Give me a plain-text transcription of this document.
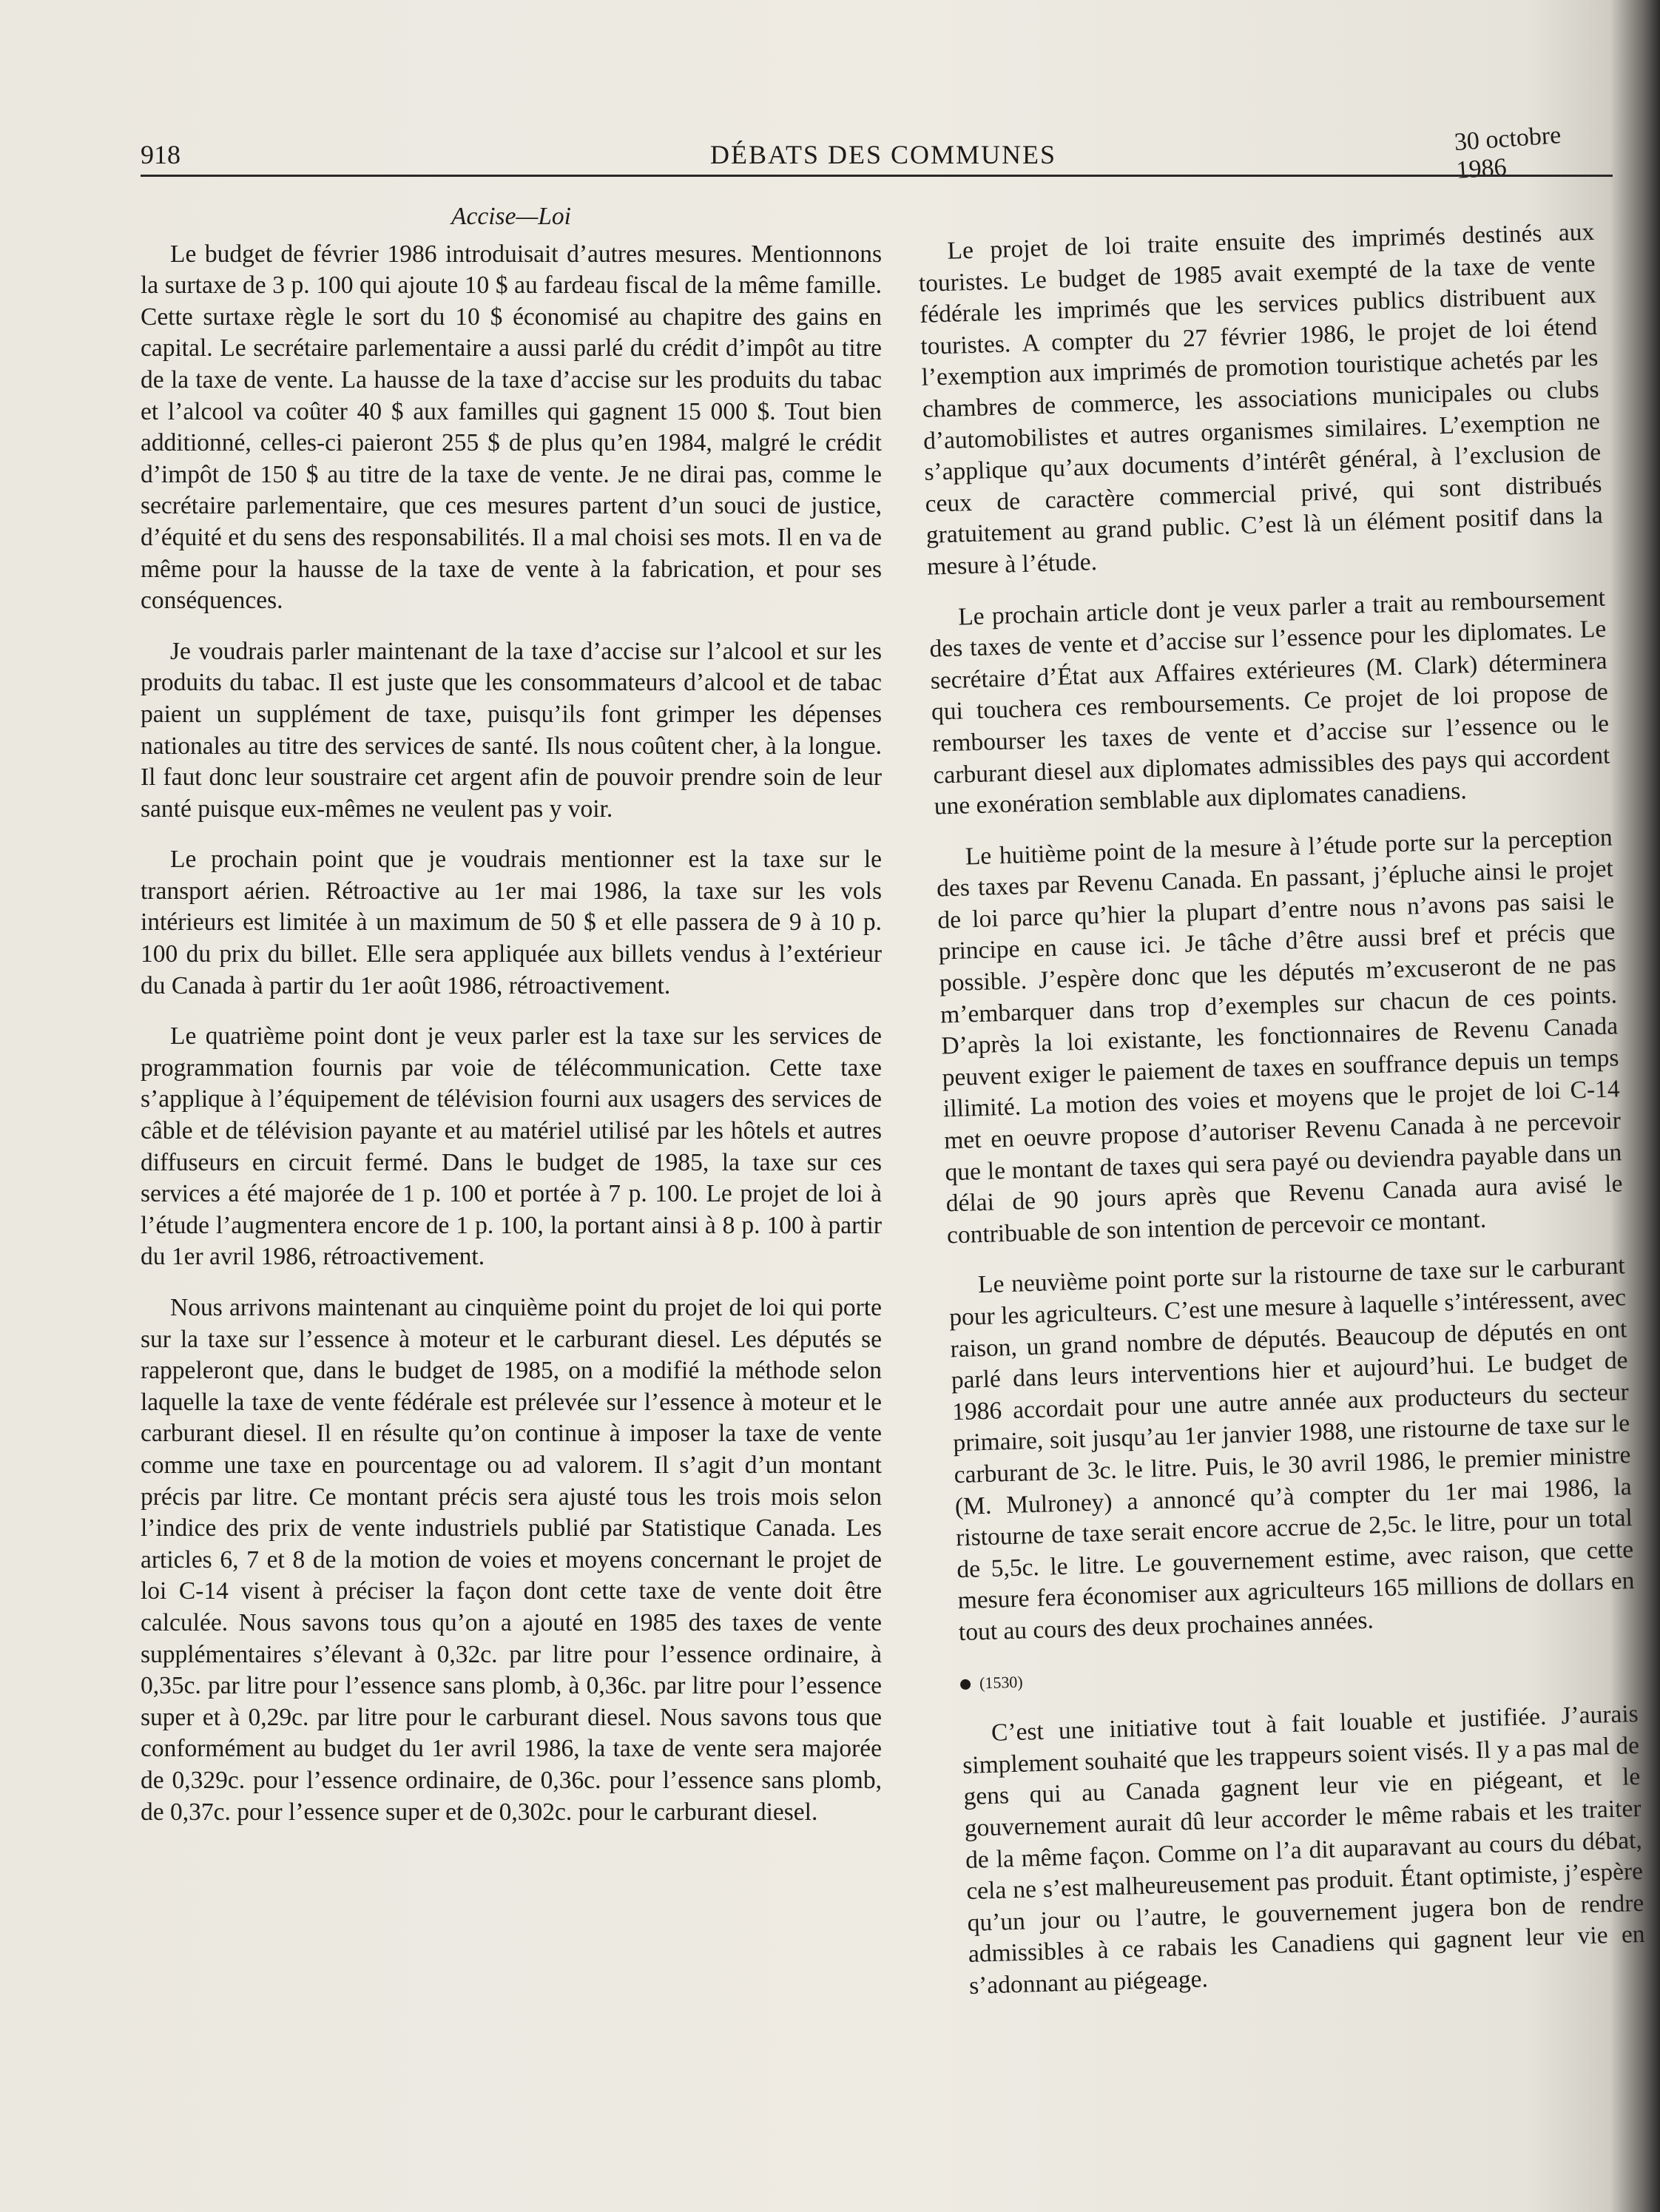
918	DÉBATS DES COMMUNES	30 octobre 1986
Accise—Loi

Le budget de février 1986 introduisait d’autres mesures. Mentionnons la surtaxe de 3 p. 100 qui ajoute 10 $ au fardeau fiscal de la même famille. Cette surtaxe règle le sort du 10 $ économisé au chapitre des gains en capital. Le secrétaire parlementaire a aussi parlé du crédit d’impôt au titre de la taxe de vente. La hausse de la taxe d’accise sur les produits du tabac et l’alcool va coûter 40 $ aux familles qui gagnent 15 000 $. Tout bien additionné, celles-ci paieront 255 $ de plus qu’en 1984, malgré le crédit d’impôt de 150 $ au titre de la taxe de vente. Je ne dirai pas, comme le secrétaire parlementaire, que ces mesures partent d’un souci de justice, d’équité et du sens des responsabilités. Il a mal choisi ses mots. Il en va de même pour la hausse de la taxe de vente à la fabrication, et pour ses conséquences.

Je voudrais parler maintenant de la taxe d’accise sur l’alcool et sur les produits du tabac. Il est juste que les consommateurs d’alcool et de tabac paient un supplément de taxe, puisqu’ils font grimper les dépenses nationales au titre des services de santé. Ils nous coûtent cher, à la longue. Il faut donc leur soustraire cet argent afin de pouvoir prendre soin de leur santé puisque eux-mêmes ne veulent pas y voir.

Le prochain point que je voudrais mentionner est la taxe sur le transport aérien. Rétroactive au 1er mai 1986, la taxe sur les vols intérieurs est limitée à un maximum de 50 $ et elle passera de 9 à 10 p. 100 du prix du billet. Elle sera appliquée aux billets vendus à l’extérieur du Canada à partir du 1er août 1986, rétroactivement.

Le quatrième point dont je veux parler est la taxe sur les services de programmation fournis par voie de télécommunication. Cette taxe s’applique à l’équipement de télévision fourni aux usagers des services de câble et de télévision payante et au matériel utilisé par les hôtels et autres diffuseurs en circuit fermé. Dans le budget de 1985, la taxe sur ces services a été majorée de 1 p. 100 et portée à 7 p. 100. Le projet de loi à l’étude l’augmentera encore de 1 p. 100, la portant ainsi à 8 p. 100 à partir du 1er avril 1986, rétroactivement.

Nous arrivons maintenant au cinquième point du projet de loi qui porte sur la taxe sur l’essence à moteur et le carburant diesel. Les députés se rappeleront que, dans le budget de 1985, on a modifié la méthode selon laquelle la taxe de vente fédérale est prélevée sur l’essence à moteur et le carburant diesel. Il en résulte qu’on continue à imposer la taxe de vente comme une taxe en pourcentage ou ad valorem. Il s’agit d’un montant précis par litre. Ce montant précis sera ajusté tous les trois mois selon l’indice des prix de vente industriels publié par Statistique Canada. Les articles 6, 7 et 8 de la motion de voies et moyens concernant le projet de loi C-14 visent à préciser la façon dont cette taxe de vente doit être calculée. Nous savons tous qu’on a ajouté en 1985 des taxes de vente supplémentaires s’élevant à 0,32c. par litre pour l’essence ordinaire, à 0,35c. par litre pour l’essence sans plomb, à 0,36c. par litre pour l’essence super et à 0,29c. par litre pour le carburant diesel. Nous savons tous que conformément au budget du 1er avril 1986, la taxe de vente sera majorée de 0,329c. pour l’essence ordinaire, de 0,36c. pour l’essence sans plomb, de 0,37c. pour l’essence super et de 0,302c. pour le carburant diesel.

Le projet de loi traite ensuite des imprimés destinés aux touristes. Le budget de 1985 avait exempté de la taxe de vente fédérale les imprimés que les services publics distribuent aux touristes. A compter du 27 février 1986, le projet de loi étend l’exemption aux imprimés de promotion touristique achetés par les chambres de commerce, les associations municipales ou clubs d’automobilistes et autres organismes similaires. L’exemption ne s’applique qu’aux documents d’intérêt général, à l’exclusion de ceux de caractère commercial privé, qui sont distribués gratuitement au grand public. C’est là un élément positif dans la mesure à l’étude.

Le prochain article dont je veux parler a trait au remboursement des taxes de vente et d’accise sur l’essence pour les diplomates. Le secrétaire d’État aux Affaires extérieures (M. Clark) déterminera qui touchera ces remboursements. Ce projet de loi propose de rembourser les taxes de vente et d’accise sur l’essence ou le carburant diesel aux diplomates admissibles des pays qui accordent une exonération semblable aux diplomates canadiens.

Le huitième point de la mesure à l’étude porte sur la perception des taxes par Revenu Canada. En passant, j’épluche ainsi le projet de loi parce qu’hier la plupart d’entre nous n’avons pas saisi le principe en cause ici. Je tâche d’être aussi bref et précis que possible. J’espère donc que les députés m’excuseront de ne pas m’embarquer dans trop d’exemples sur chacun de ces points. D’après la loi existante, les fonctionnaires de Revenu Canada peuvent exiger le paiement de taxes en souffrance depuis un temps illimité. La motion des voies et moyens que le projet de loi C-14 met en oeuvre propose d’autoriser Revenu Canada à ne percevoir que le montant de taxes qui sera payé ou deviendra payable dans un délai de 90 jours après que Revenu Canada aura avisé le contribuable de son intention de percevoir ce montant.

Le neuvième point porte sur la ristourne de taxe sur le carburant pour les agriculteurs. C’est une mesure à laquelle s’intéressent, avec raison, un grand nombre de députés. Beaucoup de députés en ont parlé dans leurs interventions hier et aujourd’hui. Le budget de 1986 accordait pour une autre année aux producteurs du secteur primaire, soit jusqu’au 1er janvier 1988, une ristourne de taxe sur le carburant de 3c. le litre. Puis, le 30 avril 1986, le premier ministre (M. Mulroney) a annoncé qu’à compter du 1er mai 1986, la ristourne de taxe serait encore accrue de 2,5c. le litre, pour un total de 5,5c. le litre. Le gouvernement estime, avec raison, que cette mesure fera économiser aux agriculteurs 165 millions de dollars en tout au cours des deux prochaines années.

(1530)

C’est une initiative tout à fait louable et justifiée. J’aurais simplement souhaité que les trappeurs soient visés. Il y a pas mal de gens qui au Canada gagnent leur vie en piégeant, et le gouvernement aurait dû leur accorder le même rabais et les traiter de la même façon. Comme on l’a dit auparavant au cours du débat, cela ne s’est malheureusement pas produit. Étant optimiste, j’espère qu’un jour ou l’autre, le gouvernement jugera bon de rendre admissibles à ce rabais les Canadiens qui gagnent leur vie en s’adonnant au piégeage.
